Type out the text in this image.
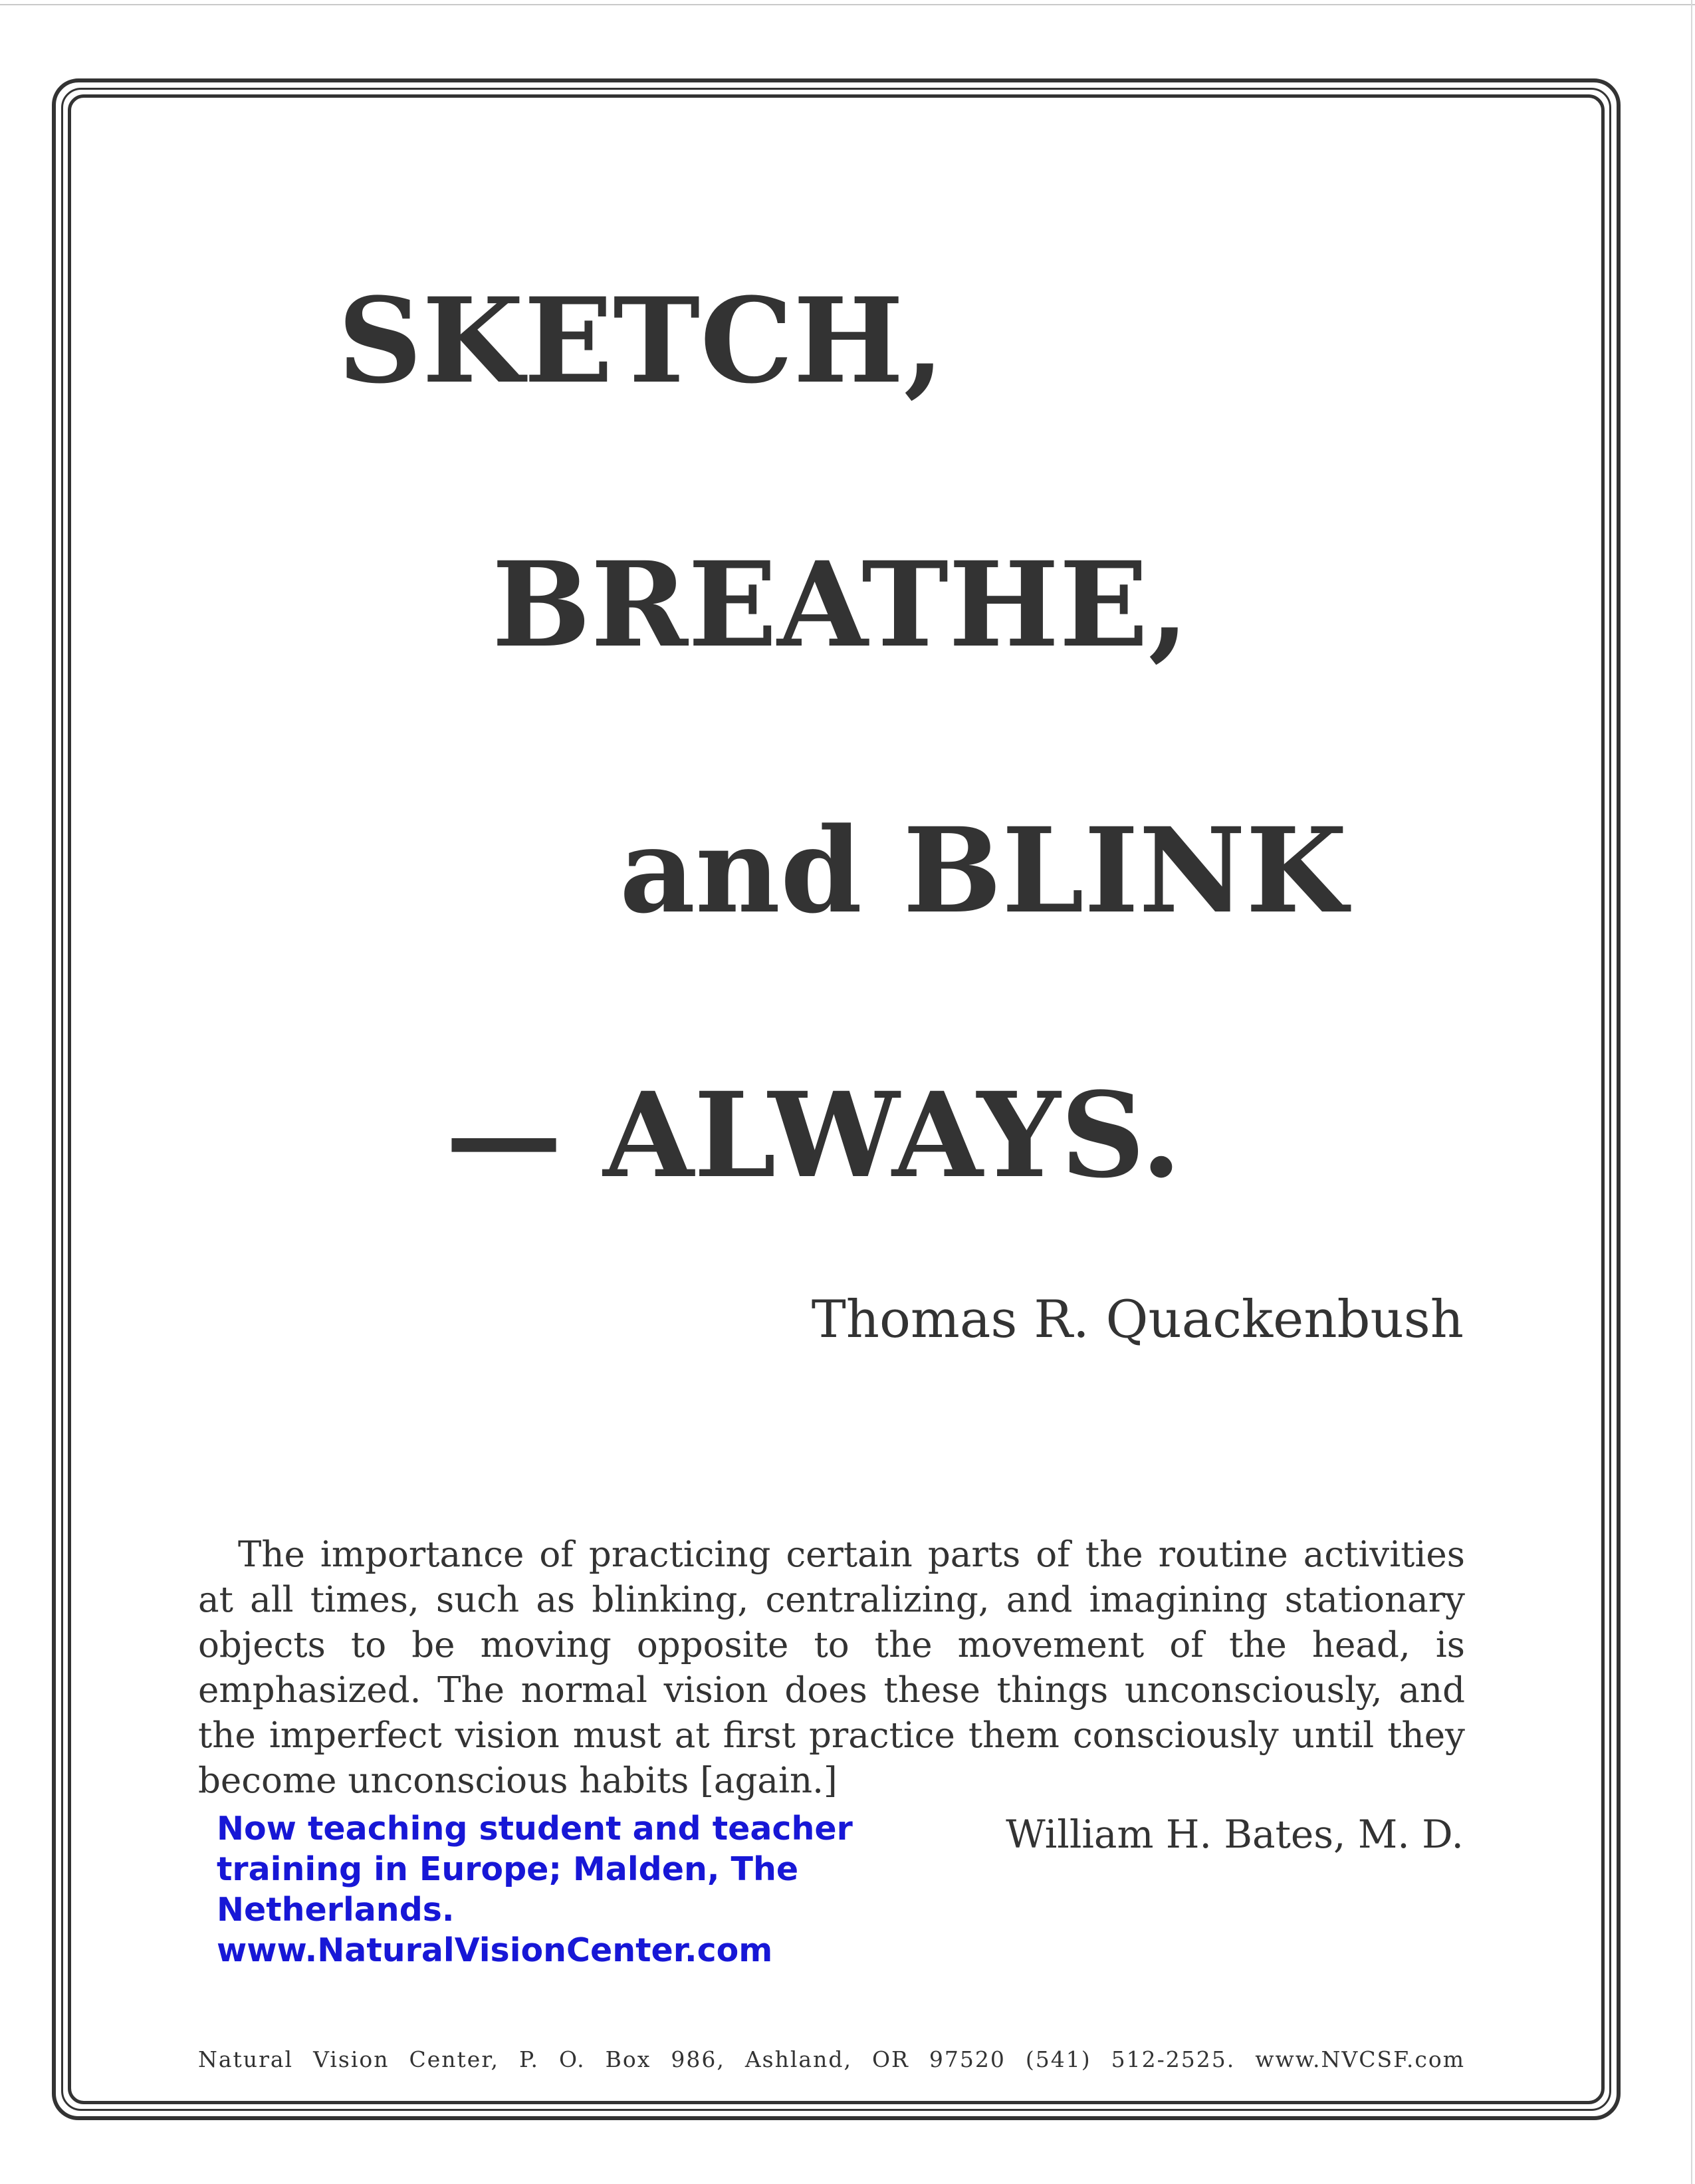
SKETCH,
BREATHE,
and BLINK
— ALWAYS.
Thomas R. Quackenbush

The importance of practicing certain parts of the routine activities at all times, such as blinking, centralizing, and imagining stationary objects to be moving opposite to the movement of the head, is emphasized. The normal vision does these things unconsciously, and the imperfect vision must at first practice them consciously until they become unconscious habits [again.]

Now teaching student and teacher
training in Europe; Malden, The
Netherlands.
www.NaturalVisionCenter.com
William H. Bates, M. D.
Natural Vision Center, P. O. Box 986, Ashland, OR 97520 (541) 512-2525. www.NVCSF.com
